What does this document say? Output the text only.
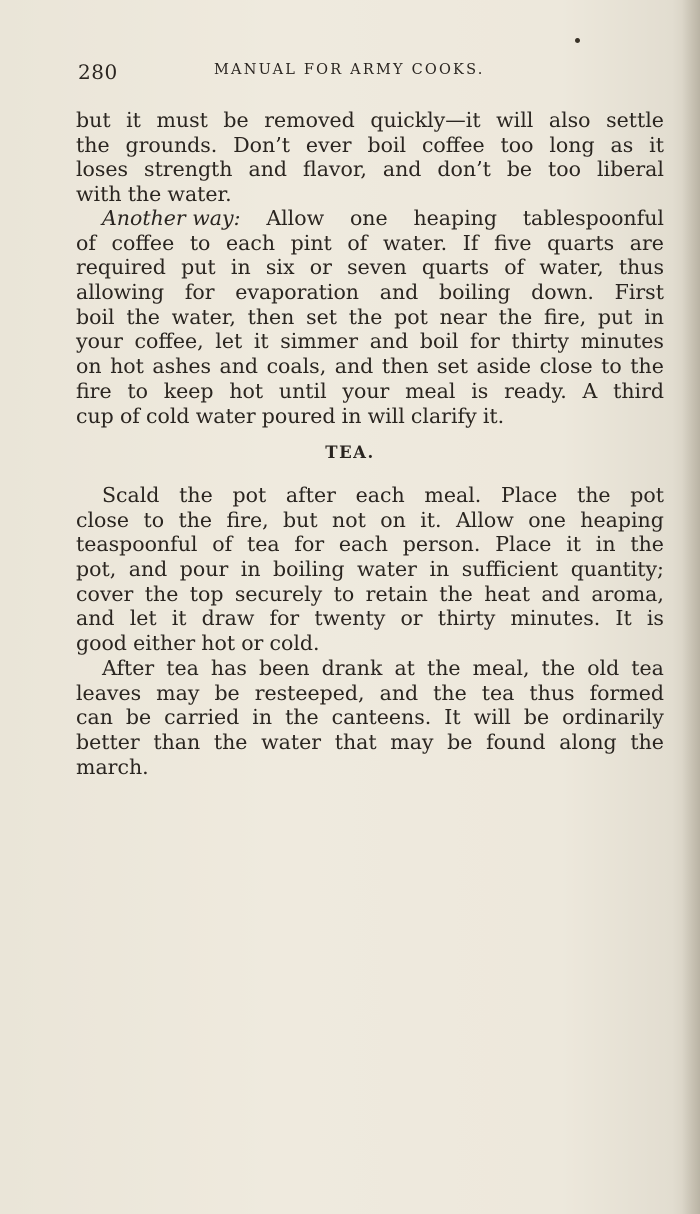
280	MANUAL FOR ARMY COOKS.
but it must be removed quickly—it will also settle
the grounds. Don’t ever boil coffee too long as it
loses strength and flavor, and don’t be too liberal
with the water.
Another way: Allow one heaping tablespoonful
of coffee to each pint of water. If five quarts are
required put in six or seven quarts of water, thus
allowing for evaporation and boiling down. First
boil the water, then set the pot near the fire, put in
your coffee, let it simmer and boil for thirty minutes
on hot ashes and coals, and then set aside close to the
fire to keep hot until your meal is ready. A third
cup of cold water poured in will clarify it.
TEA.
Scald the pot after each meal. Place the pot
close to the fire, but not on it. Allow one heaping
teaspoonful of tea for each person. Place it in the
pot, and pour in boiling water in sufficient quantity;
cover the top securely to retain the heat and aroma,
and let it draw for twenty or thirty minutes. It is
good either hot or cold.
After tea has been drank at the meal, the old tea
leaves may be resteeped, and the tea thus formed
can be carried in the canteens. It will be ordinarily
better than the water that may be found along the
march.
